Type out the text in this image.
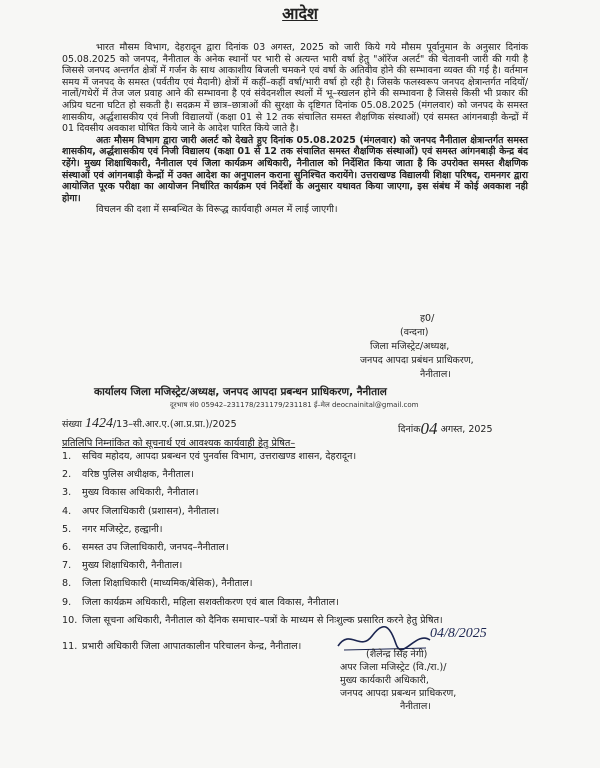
आदेश

भारत मौसम विभाग, देहरादून द्वारा दिनांक 03 अगस्त, 2025 को जारी किये गये मौसम पूर्वानुमान के अनुसार दिनांक 05.08.2025 को जनपद, नैनीताल के अनेक स्थानों पर भारी से अत्यन्त भारी वर्षा हेतु "ऑरेंज अलर्ट" की चेतावनी जारी की गयी है जिससे जनपद अन्तर्गत क्षेत्रों में गर्जन के साथ आकाशीय बिजली चमकने एवं वर्षा के अतिवीव होने की सम्भावना व्यक्त की गई है। वर्तमान समय में जनपद के समस्त (पर्वतीय एवं मैदानी) क्षेत्रों में कहीं–कहीं वर्षा/भारी वर्षा हो रही है। जिसके फलस्वरूप जनपद क्षेत्रान्तर्गत नदियों/नालों/गधेरों में तेज जल प्रवाह आने की सम्भावना है एवं संवेदनशील स्थलों में भू–स्खलन होने की सम्भावना है जिससे किसी भी प्रकार की अप्रिय घटना घटित हो सकती है। सदक्रम में छात्र–छात्राओं की सुरक्षा के दृष्टिगत दिनांक 05.08.2025 (मंगलवार) को जनपद के समस्त शासकीय, अर्द्धशासकीय एवं निजी विद्यालयों (कक्षा 01 से 12 तक संचालित समस्त शैक्षणिक संस्थाओं) एवं समस्त आंगनबाड़ी केन्द्रों में 01 दिवसीय अवकाश घोषित किये जाने के आदेश पारित किये जाते है।

अतः मौसम विभाग द्वारा जारी अलर्ट को देखते हुए दिनांक 05.08.2025 (मंगलवार) को जनपद नैनीताल क्षेत्रान्तर्गत समस्त शासकीय, अर्द्धशासकीय एवं निजी विद्यालय (कक्षा 01 से 12 तक संचालित समस्त शैक्षणिक संस्थाओं) एवं समस्त आंगनबाड़ी केन्द्र बंद रहेंगे। मुख्य शिक्षाधिकारी, नैनीताल एवं जिला कार्यक्रम अधिकारी, नैनीताल को निर्देशित किया जाता है कि उपरोक्त समस्त शैक्षणिक संस्थाओं एवं आंगनबाड़ी केन्द्रों में उक्त आदेश का अनुपालन कराना सुनिश्चित करायेंगे। उत्तराखण्ड विद्यालयी शिक्षा परिषद, रामनगर द्वारा आयोजित पूरक परीक्षा का आयोजन निर्धारित कार्यक्रम एवं निर्देशों के अनुसार यथावत किया जाएगा, इस संबंध में कोई अवकाश नही होगा।

विचलन की दशा में सम्बन्धित के विरूद्ध कार्यवाही अमल में लाई जाएगी।

ह0/
(वन्दना)
जिला मजिस्ट्रेट/अध्यक्ष,
जनपद आपदा प्रबंधन प्राधिकरण,
नैनीताल।
कार्यालय जिला मजिस्ट्रेट/अध्यक्ष, जनपद आपदा प्रबन्धन प्राधिकरण, नैनीताल
दूरभाष सं0 05942–231178/231179/231181 ई–मेल deocnainital@gmail.com
संख्या 1424/13–सी.आर.ए.(आ.प्र.प्रा.)/2025	दिनांक04 अगस्त, 2025
प्रतिलिपि निम्नांकित को सूचनार्थ एवं आवश्यक कार्यवाही हेतु प्रेषित–
1.	सचिव महोदय, आपदा प्रबन्धन एवं पुनर्वास विभाग, उत्तराखण्ड शासन, देहरादून।
2.	वरिष्ठ पुलिस अधीक्षक, नैनीताल।
3.	मुख्य विकास अधिकारी, नैनीताल।
4.	अपर जिलाधिकारी (प्रशासन), नैनीताल।
5.	नगर मजिस्ट्रेट, हल्द्वानी।
6.	समस्त उप जिलाधिकारी, जनपद–नैनीताल।
7.	मुख्य शिक्षाधिकारी, नैनीताल।
8.	जिला शिक्षाधिकारी (माध्यमिक/बेसिक), नैनीताल।
9.	जिला कार्यक्रम अधिकारी, महिला सशक्तीकरण एवं बाल विकास, नैनीताल।
10. जिला सूचना अधिकारी, नैनीताल को दैनिक समाचार–पत्रों के माध्यम से निःशुल्क प्रसारित करने हेतु प्रेषित।
11. प्रभारी अधिकारी जिला आपातकालीन परिचालन केन्द्र, नैनीताल।
04/8/2025
(शैलेन्द्र सिंह नेगी)
अपर जिला मजिस्ट्रेट (वि./रा.)/
मुख्य कार्यकारी अधिकारी,
जनपद आपदा प्रबन्धन प्राधिकरण,
नैनीताल।
